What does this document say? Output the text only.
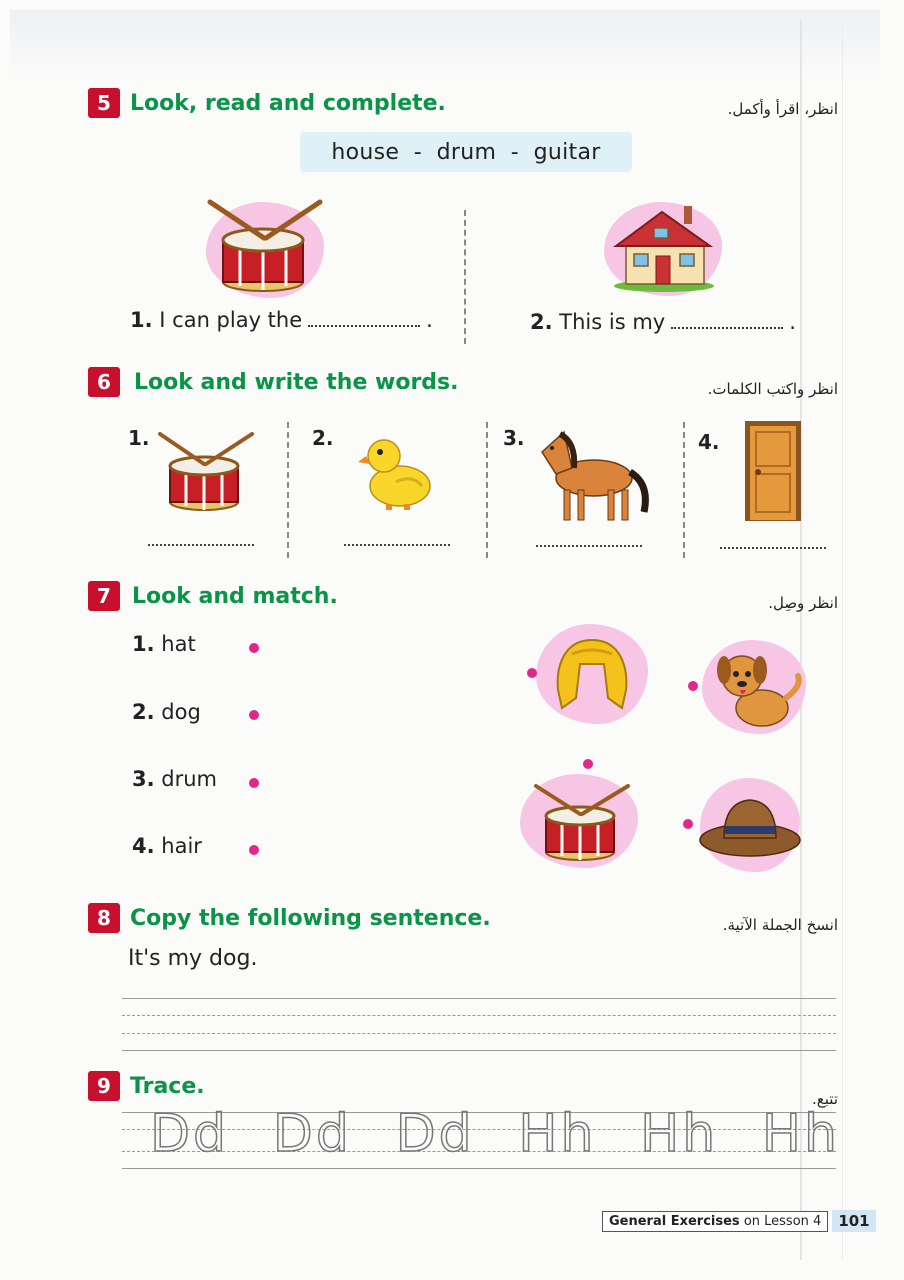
5 Look, read and complete.	انظر، اقرأ وأكمل.
house  -  drum  -  guitar
1. I can play the	.	2. This is my	.
6	Look and write the words.	انظر واكتب الكلمات.
1.	2.	3.	4.
7 Look and match.	انظر وصِل.
1. hat
2. dog
3. drum
4. hair
8 Copy the following sentence.	انسخ الجملة الآتية.
It's my dog.
9 Trace.
تتبع.
Dd Dd Dd Hh Hh Hh
General Exercises on Lesson 4	101
